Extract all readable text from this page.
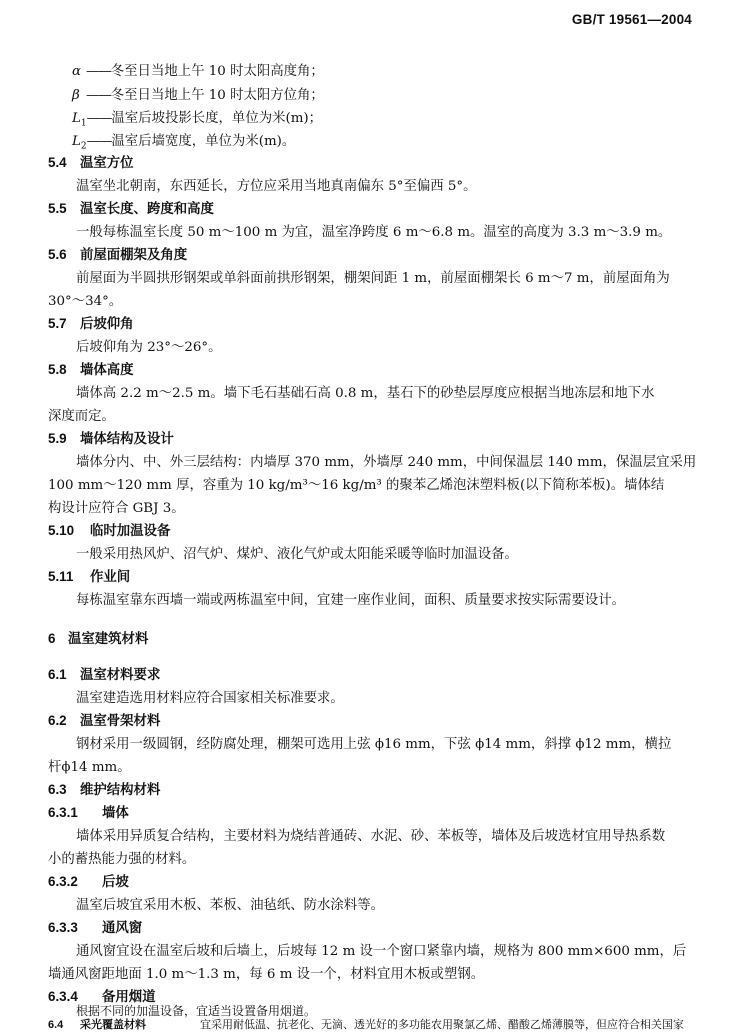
GB/T 19561—2004
α ——冬至日当地上午 10 时太阳高度角；
β ——冬至日当地上午 10 时太阳方位角；
$L_1——$温室后坡投影长度，单位为米(m)；
$L_2——$温室后墙宽度，单位为米(m)。
5.4 温室方位
温室坐北朝南，东西延长，方位应采用当地真南偏东 5°至偏西 5°。
5.5 温室长度、跨度和高度
一般每栋温室长度 50 m～100 m 为宜，温室净跨度 6 m～6.8 m。温室的高度为 3.3 m～3.9 m。
5.6 前屋面棚架及角度
前屋面为半圆拱形钢架或单斜面前拱形钢架，棚架间距 1 m，前屋面棚架长 6 m～7 m，前屋面角为
30°～34°。
5.7 后坡仰角
后坡仰角为 23°～26°。
5.8 墙体高度
墙体高 2.2 m～2.5 m。墙下毛石基础石高 0.8 m，基石下的砂垫层厚度应根据当地冻层和地下水
深度而定。
5.9 墙体结构及设计
墙体分内、中、外三层结构：内墙厚 370 mm，外墙厚 240 mm，中间保温层 140 mm，保温层宜采用
100 mm～120 mm 厚，容重为 10 kg/m³～16 kg/m³ 的聚苯乙烯泡沫塑料板(以下简称苯板)。墙体结
构设计应符合 GBJ 3。
5.10 临时加温设备
一般采用热风炉、沼气炉、煤炉、液化气炉或太阳能采暖等临时加温设备。
5.11 作业间
每栋温室靠东西墙一端或两栋温室中间，宜建一座作业间，面积、质量要求按实际需要设计。
6 温室建筑材料
6.1 温室材料要求
温室建造选用材料应符合国家相关标准要求。
6.2 温室骨架材料
钢材采用一级圆钢，经防腐处理，棚架可选用上弦 ϕ16 mm，下弦 ϕ14 mm，斜撑 ϕ12 mm，横拉
杆ϕ14 mm。
6.3 维护结构材料
6.3.1 墙体
墙体采用异质复合结构，主要材料为烧结普通砖、水泥、砂、苯板等，墙体及后坡选材宜用导热系数
小的蓄热能力强的材料。
6.3.2 后坡
温室后坡宜采用木板、苯板、油毡纸、防水涂料等。
6.3.3 通风窗
通风窗宜设在温室后坡和后墙上，后坡每 12 m 设一个窗口紧靠内墙，规格为 800 mm×600 mm，后
墙通风窗距地面 1.0 m～1.3 m，每 6 m 设一个，材料宜用木板或塑钢。
6.3.4 备用烟道
根据不同的加温设备，宜适当设置备用烟道。
6.4 采光覆盖材料	宜采用耐低温、抗老化、无滴、透光好的多功能农用聚氯乙烯、醋酸乙烯薄膜等，但应符合相关国家
